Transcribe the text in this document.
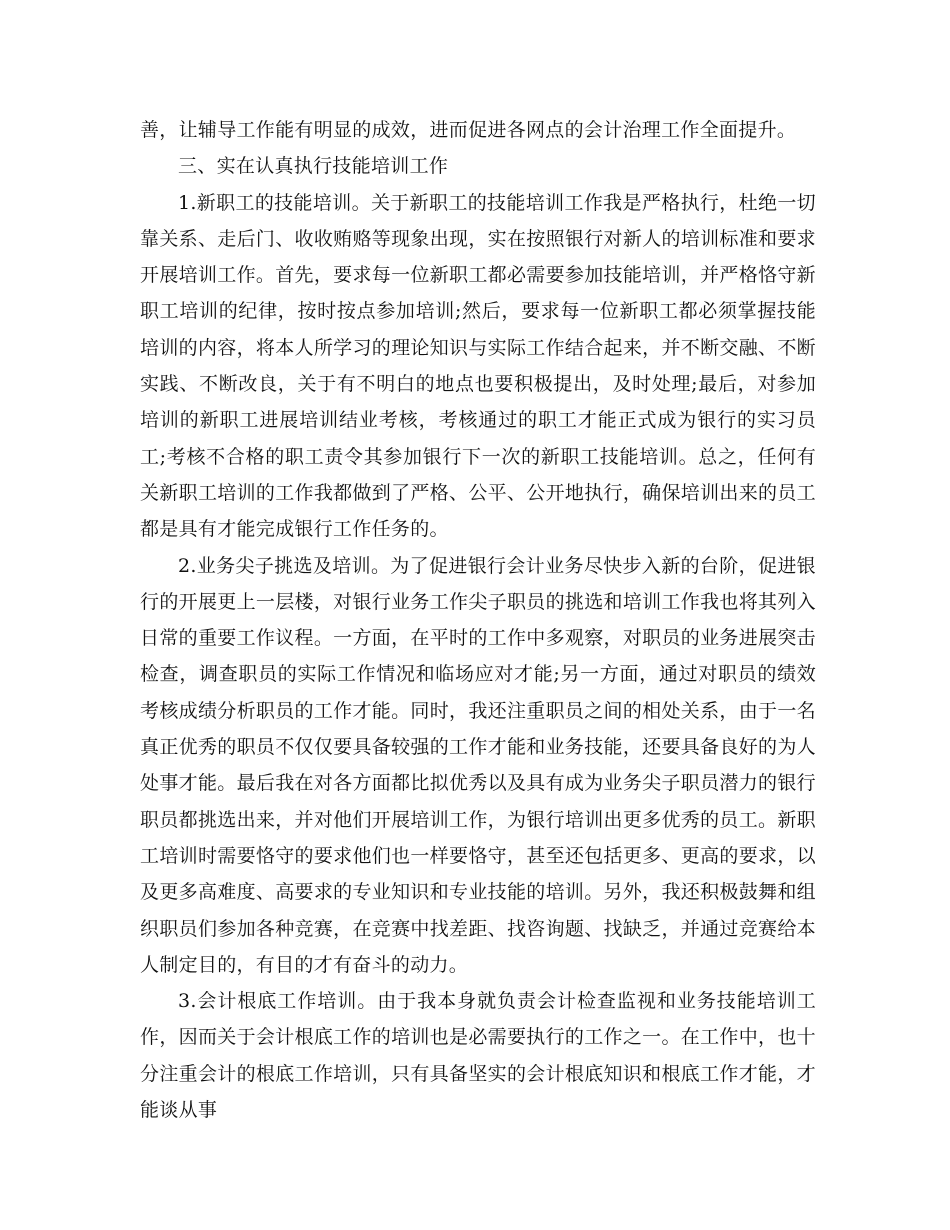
善，让辅导工作能有明显的成效，进而促进各网点的会计治理工作全面提升。

三、实在认真执行技能培训工作

1.新职工的技能培训。关于新职工的技能培训工作我是严格执行，杜绝一切靠关系、走后门、收收贿赂等现象出现，实在按照银行对新人的培训标准和要求开展培训工作。首先，要求每一位新职工都必需要参加技能培训，并严格恪守新职工培训的纪律，按时按点参加培训;然后，要求每一位新职工都必须掌握技能培训的内容，将本人所学习的理论知识与实际工作结合起来，并不断交融、不断实践、不断改良，关于有不明白的地点也要积极提出，及时处理;最后，对参加培训的新职工进展培训结业考核，考核通过的职工才能正式成为银行的实习员工;考核不合格的职工责令其参加银行下一次的新职工技能培训。总之，任何有关新职工培训的工作我都做到了严格、公平、公开地执行，确保培训出来的员工都是具有才能完成银行工作任务的。

2.业务尖子挑选及培训。为了促进银行会计业务尽快步入新的台阶，促进银行的开展更上一层楼，对银行业务工作尖子职员的挑选和培训工作我也将其列入日常的重要工作议程。一方面，在平时的工作中多观察，对职员的业务进展突击检查，调查职员的实际工作情况和临场应对才能;另一方面，通过对职员的绩效考核成绩分析职员的工作才能。同时，我还注重职员之间的相处关系，由于一名真正优秀的职员不仅仅要具备较强的工作才能和业务技能，还要具备良好的为人处事才能。最后我在对各方面都比拟优秀以及具有成为业务尖子职员潜力的银行职员都挑选出来，并对他们开展培训工作，为银行培训出更多优秀的员工。新职工培训时需要恪守的要求他们也一样要恪守，甚至还包括更多、更高的要求，以及更多高难度、高要求的专业知识和专业技能的培训。另外，我还积极鼓舞和组织职员们参加各种竞赛，在竞赛中找差距、找咨询题、找缺乏，并通过竞赛给本人制定目的，有目的才有奋斗的动力。

3.会计根底工作培训。由于我本身就负责会计检查监视和业务技能培训工作，因而关于会计根底工作的培训也是必需要执行的工作之一。在工作中，也十分注重会计的根底工作培训，只有具备坚实的会计根底知识和根底工作才能，才能谈从事
